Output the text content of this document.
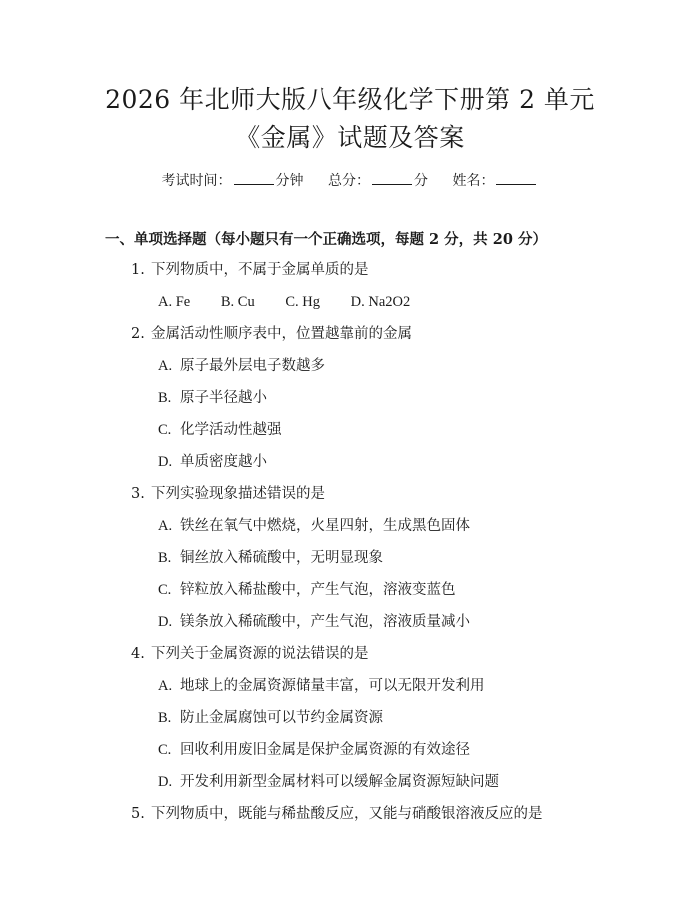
2026 年北师大版八年级化学下册第 2 单元
《金属》试题及答案
考试时间：	分钟 总分：	分 姓名：
一、单项选择题（每小题只有一个正确选项，每题 2 分，共 20 分）
1. 下列物质中，不属于金属单质的是
A. Fe B. Cu C. Hg D. Na2O2
2. 金属活动性顺序表中，位置越靠前的金属
A. 原子最外层电子数越多
B. 原子半径越小
C. 化学活动性越强
D. 单质密度越小
3. 下列实验现象描述错误的是
A. 铁丝在氧气中燃烧，火星四射，生成黑色固体
B. 铜丝放入稀硫酸中，无明显现象
C. 锌粒放入稀盐酸中，产生气泡，溶液变蓝色
D. 镁条放入稀硫酸中，产生气泡，溶液质量减小
4. 下列关于金属资源的说法错误的是
A. 地球上的金属资源储量丰富，可以无限开发利用
B. 防止金属腐蚀可以节约金属资源
C. 回收利用废旧金属是保护金属资源的有效途径
D. 开发利用新型金属材料可以缓解金属资源短缺问题
5. 下列物质中，既能与稀盐酸反应，又能与硝酸银溶液反应的是
